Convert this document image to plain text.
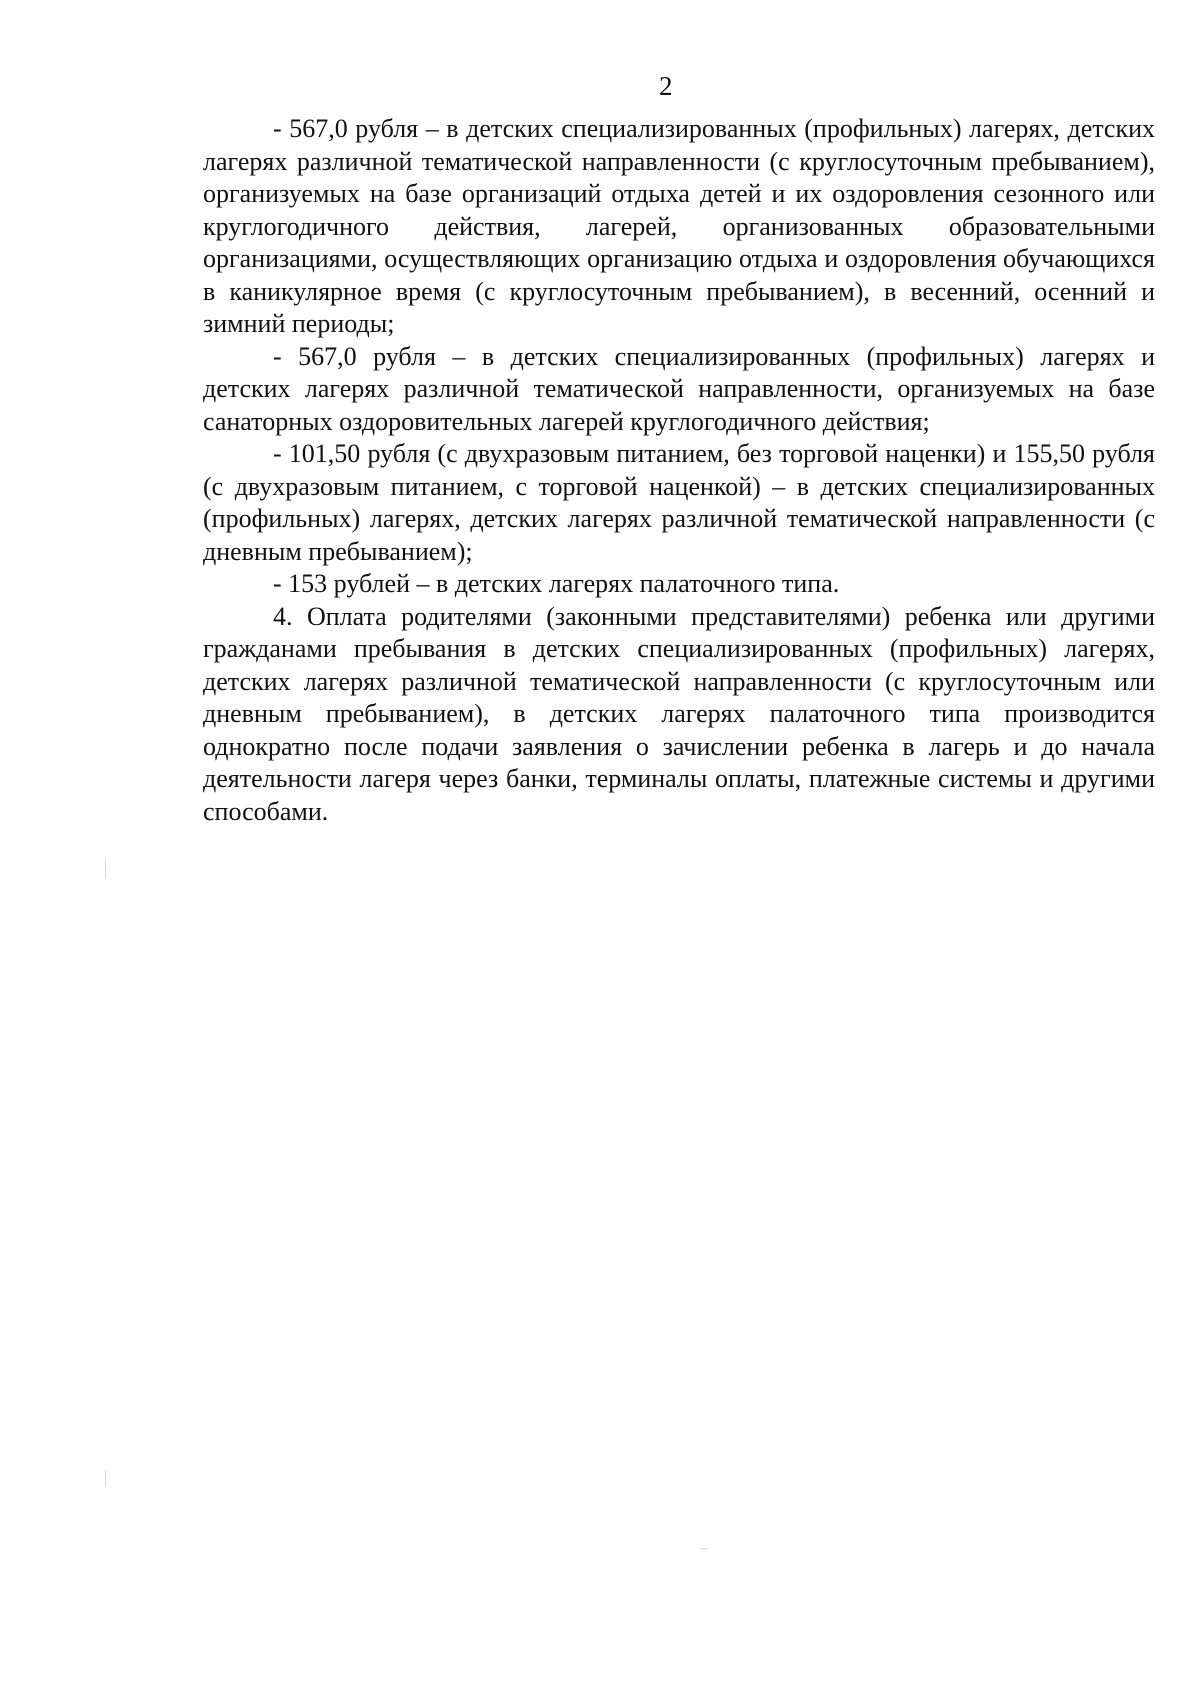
2

- 567,0 рубля – в детских специализированных (профильных) лагерях, детских лагерях различной тематической направленности (с круглосуточным пребыванием), организуемых на базе организаций отдыха детей и их оздоровления сезонного или круглогодичного действия, лагерей, организованных образовательными организациями, осуществляющих организацию отдыха и оздоровления обучающихся в каникулярное время (с круглосуточным пребыванием), в весенний, осенний и зимний периоды;

- 567,0 рубля – в детских специализированных (профильных) лагерях и детских лагерях различной тематической направленности, организуемых на базе санаторных оздоровительных лагерей круглогодичного действия;

- 101,50 рубля (с двухразовым питанием, без торговой наценки) и 155,50 рубля (с двухразовым питанием, с торговой наценкой) – в детских специализированных (профильных) лагерях, детских лагерях различной тематической направленности (с дневным пребыванием);

- 153 рублей – в детских лагерях палаточного типа.

4. Оплата родителями (законными представителями) ребенка или другими гражданами пребывания в детских специализированных (профильных) лагерях, детских лагерях различной тематической направленности (с круглосуточным или дневным пребыванием), в детских лагерях палаточного типа производится однократно после подачи заявления о зачислении ребенка в лагерь и до начала деятельности лагеря через банки, терминалы оплаты, платежные системы и другими способами.
